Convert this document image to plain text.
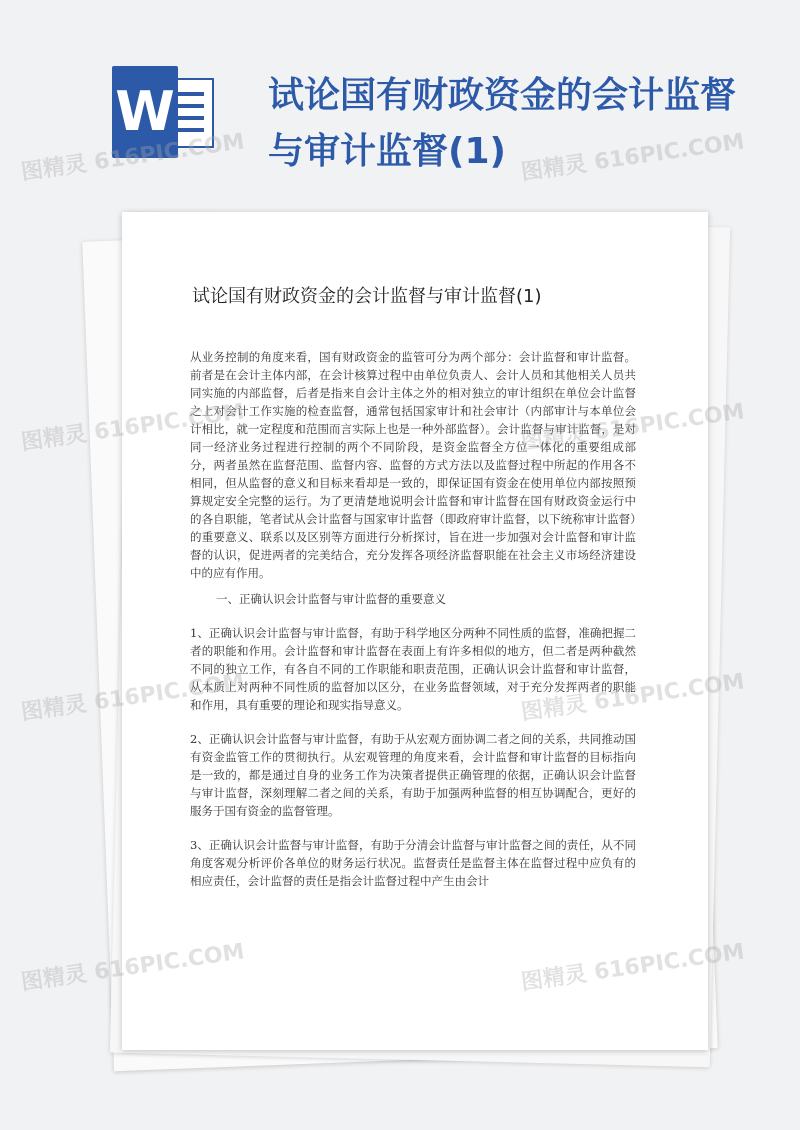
W	试论国有财政资金的会计监督与审计监督(1)
试论国有财政资金的会计监督与审计监督(1)

从业务控制的角度来看，国有财政资金的监管可分为两个部分：会计监督和审计监督。前者是在会计主体内部，在会计核算过程中由单位负责人、会计人员和其他相关人员共同实施的内部监督，后者是指来自会计主体之外的相对独立的审计组织在单位会计监督之上对会计工作实施的检查监督，通常包括国家审计和社会审计（内部审计与本单位会计相比，就一定程度和范围而言实际上也是一种外部监督）。会计监督与审计监督，是对同一经济业务过程进行控制的两个不同阶段，是资金监督全方位一体化的重要组成部分，两者虽然在监督范围、监督内容、监督的方式方法以及监督过程中所起的作用各不相同，但从监督的意义和目标来看却是一致的，即保证国有资金在使用单位内部按照预算规定安全完整的运行。为了更清楚地说明会计监督和审计监督在国有财政资金运行中的各自职能，笔者试从会计监督与国家审计监督（即政府审计监督，以下统称审计监督）的重要意义、联系以及区别等方面进行分析探讨，旨在进一步加强对会计监督和审计监督的认识，促进两者的完美结合，充分发挥各项经济监督职能在社会主义市场经济建设中的应有作用。

一、正确认识会计监督与审计监督的重要意义

1、正确认识会计监督与审计监督，有助于科学地区分两种不同性质的监督，准确把握二者的职能和作用。会计监督和审计监督在表面上有许多相似的地方，但二者是两种截然不同的独立工作，有各自不同的工作职能和职责范围，正确认识会计监督和审计监督，从本质上对两种不同性质的监督加以区分，在业务监督领域，对于充分发挥两者的职能和作用，具有重要的理论和现实指导意义。

2、正确认识会计监督与审计监督，有助于从宏观方面协调二者之间的关系，共同推动国有资金监管工作的贯彻执行。从宏观管理的角度来看，会计监督和审计监督的目标指向是一致的，都是通过自身的业务工作为决策者提供正确管理的依据，正确认识会计监督与审计监督，深刻理解二者之间的关系，有助于加强两种监督的相互协调配合，更好的服务于国有资金的监督管理。

3、正确认识会计监督与审计监督，有助于分清会计监督与审计监督之间的责任，从不同角度客观分析评价各单位的财务运行状况。监督责任是监督主体在监督过程中应负有的相应责任，会计监督的责任是指会计监督过程中产生由会计

图精灵 616PIC.COM	图精灵 616PIC.COM
图精灵 616PIC.COM	图精灵 616PIC.COM
图精灵 616PIC.COM	图精灵 616PIC.COM
图精灵 616PIC.COM	图精灵 616PIC.COM
